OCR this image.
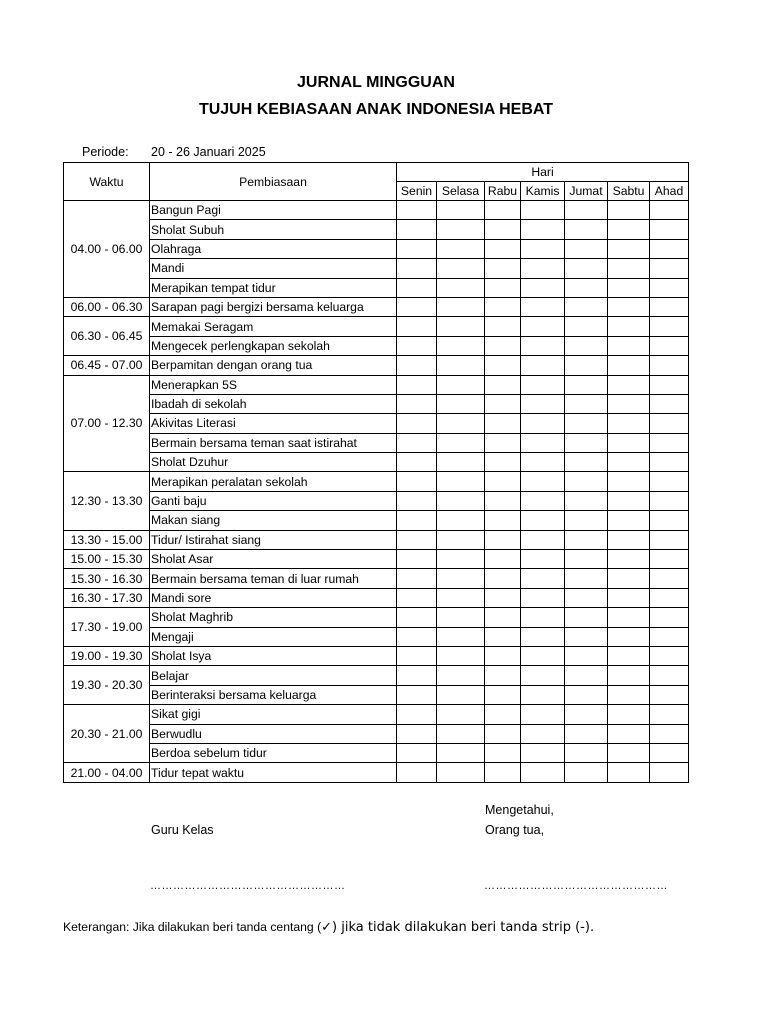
JURNAL MINGGUAN
TUJUH KEBIASAAN ANAK INDONESIA HEBAT
Periode: 20 - 26 Januari 2025
Waktu	Pembiasaan	Hari						
		Senin	Selasa	Rabu	Kamis	Jumat	Sabtu	Ahad
04.00 - 06.00	Bangun Pagi							
	Sholat Subuh							
	Olahraga							
	Mandi							
	Merapikan tempat tidur							
06.00 - 06.30	Sarapan pagi bergizi bersama keluarga							
06.30 - 06.45	Memakai Seragam							
	Mengecek perlengkapan sekolah							
06.45 - 07.00	Berpamitan dengan orang tua							
07.00 - 12.30	Menerapkan 5S							
	Ibadah di sekolah							
	Akivitas Literasi							
	Bermain bersama teman saat istirahat							
	Sholat Dzuhur							
12.30 - 13.30	Merapikan peralatan sekolah							
	Ganti baju							
	Makan siang							
13.30 - 15.00	Tidur/ Istirahat siang							
15.00 - 15.30	Sholat Asar							
15.30 - 16.30	Bermain bersama teman di luar rumah							
16.30 - 17.30	Mandi sore							
17.30 - 19.00	Sholat Maghrib							
	Mengaji							
19.00 - 19.30	Sholat Isya							
19.30 - 20.30	Belajar							
	Berinteraksi bersama keluarga							
20.30 - 21.00	Sikat gigi							
	Berwudlu							
	Berdoa sebelum tidur							
21.00 - 04.00	Tidur tepat waktu							
Mengetahui,
Guru Kelas	Orang tua,
……………………………………………	…………………………………………
Keterangan: Jika dilakukan beri tanda centang (✓) jika tidak dilakukan beri tanda strip (-).
